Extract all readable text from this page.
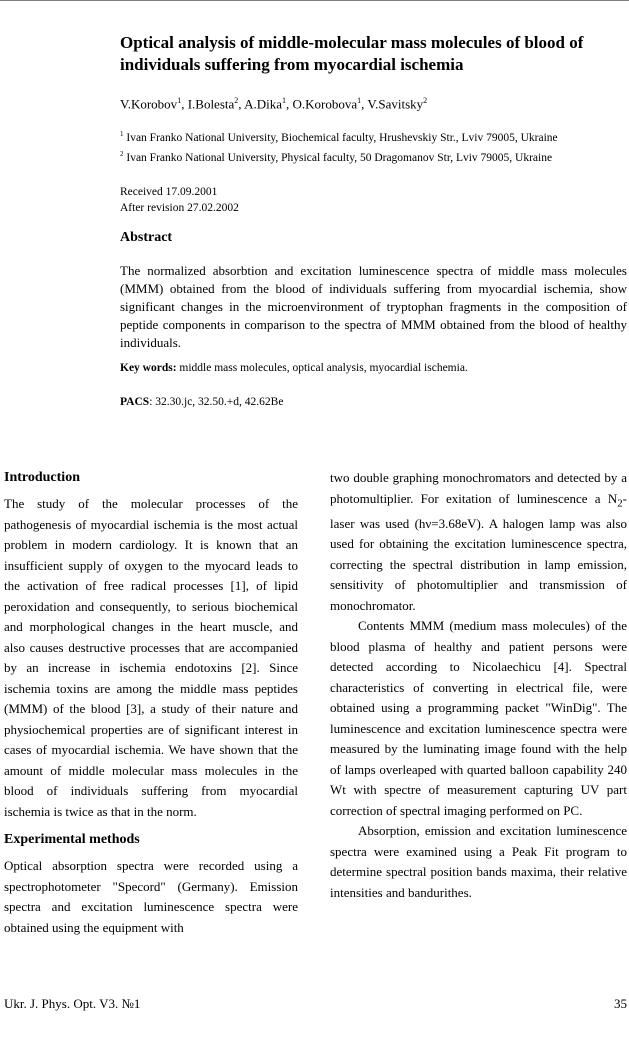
Optical analysis of middle-molecular mass molecules of blood of individuals suffering from myocardial ischemia
V.Korobov$^1$, I.Bolesta$^2$, A.Dika$^1$, O.Korobova$^1$, V.Savitsky$^2$
$^1$ Ivan Franko National University, Biochemical faculty, Hrushevskiy Str., Lviv 79005, Ukraine
$^2$ Ivan Franko National University, Physical faculty, 50 Dragomanov Str, Lviv 79005, Ukraine
Received 17.09.2001
After revision 27.02.2002
Abstract
The normalized absorbtion and excitation luminescence spectra of middle mass molecules (MMM) obtained from the blood of individuals suffering from myocardial ischemia, show significant changes in the microenvironment of tryptophan fragments in the composition of peptide components in comparison to the spectra of MMM obtained from the blood of healthy individuals.
Key words: middle mass molecules, optical analysis, myocardial ischemia.
PACS: 32.30.jc, 32.50.+d, 42.62Be
Introduction

The study of the molecular processes of the pathogenesis of myocardial ischemia is the most actual problem in modern cardiology. It is known that an insufficient supply of oxygen to the myocard leads to the activation of free radical processes [1], of lipid peroxidation and consequently, to serious biochemical and morphological changes in the heart muscle, and also causes destructive processes that are accompanied by an increase in ischemia endotoxins [2]. Since ischemia toxins are among the middle mass peptides (MMM) of the blood [3], a study of their nature and physiochemical properties are of significant interest in cases of myocardial ischemia. We have shown that the amount of middle molecular mass molecules in the blood of individuals suffering from myocardial ischemia is twice as that in the norm.

Experimental methods

Optical absorption spectra were recorded using a spectrophotometer "Specord" (Germany). Emission spectra and excitation luminescence spectra were obtained using the equipment with

two double graphing monochromators and detected by a photomultiplier. For exitation of luminescence a $N_2$-laser was used (hν=3.68eV). A halogen lamp was also used for obtaining the excitation luminescence spectra, correcting the spectral distribution in lamp emission, sensitivity of photomultiplier and transmission of monochromator.

Contents MMM (medium mass molecules) of the blood plasma of healthy and patient persons were detected according to Nicolaechicu [4]. Spectral characteristics of converting in electrical file, were obtained using a programming packet "WinDig". The luminescence and excitation luminescence spectra were measured by the luminating image found with the help of lamps overleaped with quarted balloon capability 240 Wt with spectre of measurement capturing UV part correction of spectral imaging performed on PC.

Absorption, emission and excitation luminescence spectra were examined using a Peak Fit program to determine spectral position bands maxima, their relative intensities and bandurithes.

Ukr. J. Phys. Opt. V3. №1	35
